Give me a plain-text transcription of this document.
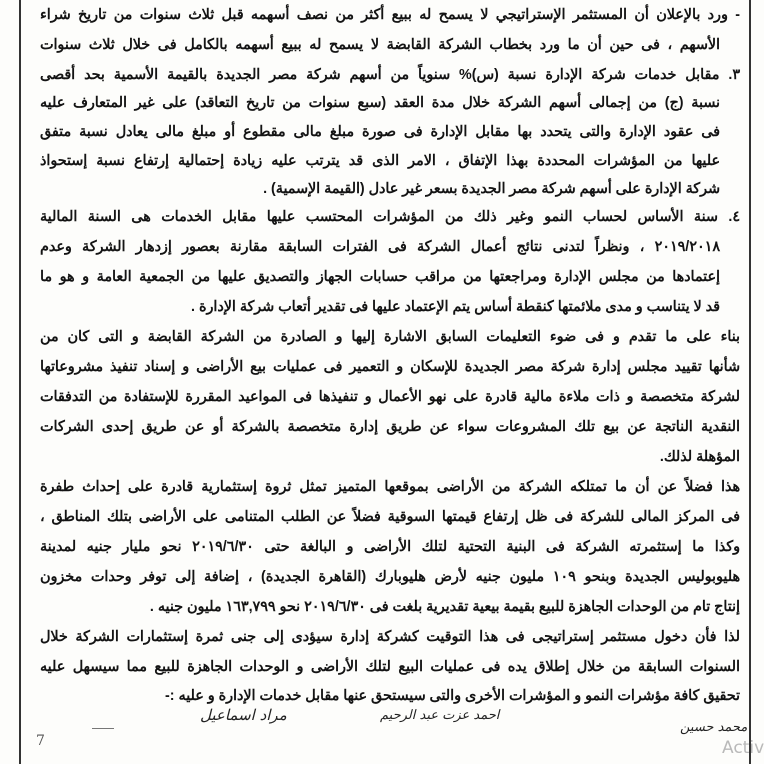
- ورد بالإعلان أن المستثمر الإستراتيجي لا يسمح له ببيع أكثر من نصف أسهمه قبل ثلاث سنوات من تاريخ شراء
الأسهم ، فى حين أن ما ورد بخطاب الشركة القابضة لا يسمح له ببيع أسهمه بالكامل فى خلال ثلاث سنوات
٣. مقابل خدمات شركة الإدارة نسبة (س)% سنوياً من أسهم شركة مصر الجديدة بالقيمة الأسمية بحد أقصى
نسبة (ج) من إجمالى أسهم الشركة خلال مدة العقد (سبع سنوات من تاريخ التعاقد) على غير المتعارف عليه
فى عقود الإدارة والتى يتحدد بها مقابل الإدارة فى صورة مبلغ مالى مقطوع أو مبلغ مالى يعادل نسبة متفق
عليها من المؤشرات المحددة بهذا الإتفاق ، الامر الذى قد يترتب عليه زيادة إحتمالية إرتفاع نسبة إستحواذ
شركة الإدارة على أسهم شركة مصر الجديدة بسعر غير عادل (القيمة الإسمية) .
٤. سنة الأساس لحساب النمو وغير ذلك من المؤشرات المحتسب عليها مقابل الخدمات هى السنة المالية
٢٠١٩/٢٠١٨ ، ونظراً لتدنى نتائج أعمال الشركة فى الفترات السابقة مقارنة بعصور إزدهار الشركة وعدم
إعتمادها من مجلس الإدارة ومراجعتها من مراقب حسابات الجهاز والتصديق عليها من الجمعية العامة و هو ما
قد لا يتناسب و مدى ملائمتها كنقطة أساس يتم الإعتماد عليها فى تقدير أتعاب شركة الإدارة .
بناء على ما تقدم و فى ضوء التعليمات السابق الاشارة إليها و الصادرة من الشركة القابضة و التى كان من
شأنها تقييد مجلس إدارة شركة مصر الجديدة للإسكان و التعمير فى عمليات بيع الأراضى و إسناد تنفيذ مشروعاتها
لشركة متخصصة و ذات ملاءة مالية قادرة على نهو الأعمال و تنفيذها فى المواعيد المقررة للإستفادة من التدفقات
النقدية الناتجة عن بيع تلك المشروعات سواء عن طريق إدارة متخصصة بالشركة أو عن طريق إحدى الشركات
المؤهلة لذلك.
هذا فضلاً عن أن ما تمتلكه الشركة من الأراضى بموقعها المتميز تمثل ثروة إستثمارية قادرة على إحداث طفرة
فى المركز المالى للشركة فى ظل إرتفاع قيمتها السوقية فضلاً عن الطلب المتنامى على الأراضى بتلك المناطق ،
وكذا ما إستثمرته الشركة فى البنية التحتية لتلك الأراضى و البالغة حتى ٢٠١٩/٦/٣٠ نحو مليار جنيه لمدينة
هليوبوليس الجديدة وبنحو ١٠٩ مليون جنيه لأرض هليوبارك (القاهرة الجديدة) ، إضافة إلى توفر وحدات مخزون
إنتاج تام من الوحدات الجاهزة للبيع بقيمة بيعية تقديرية بلغت فى ٢٠١٩/٦/٣٠ نحو ١٦٣,٧٩٩ مليون جنيه .
لذا فأن دخول مستثمر إستراتيجى فى هذا التوقيت كشركة إدارة سيؤدى إلى جنى ثمرة إستثمارات الشركة خلال
السنوات السابقة من خلال إطلاق يده فى عمليات البيع لتلك الأراضى و الوحدات الجاهزة للبيع مما سيسهل عليه
تحقيق كافة مؤشرات النمو و المؤشرات الأخرى والتى سيستحق عنها مقابل خدمات الإدارة و عليه :-
مراد اسماعيل	احمد عزت عبد الرحيم
محمد حسين
7	Activ
